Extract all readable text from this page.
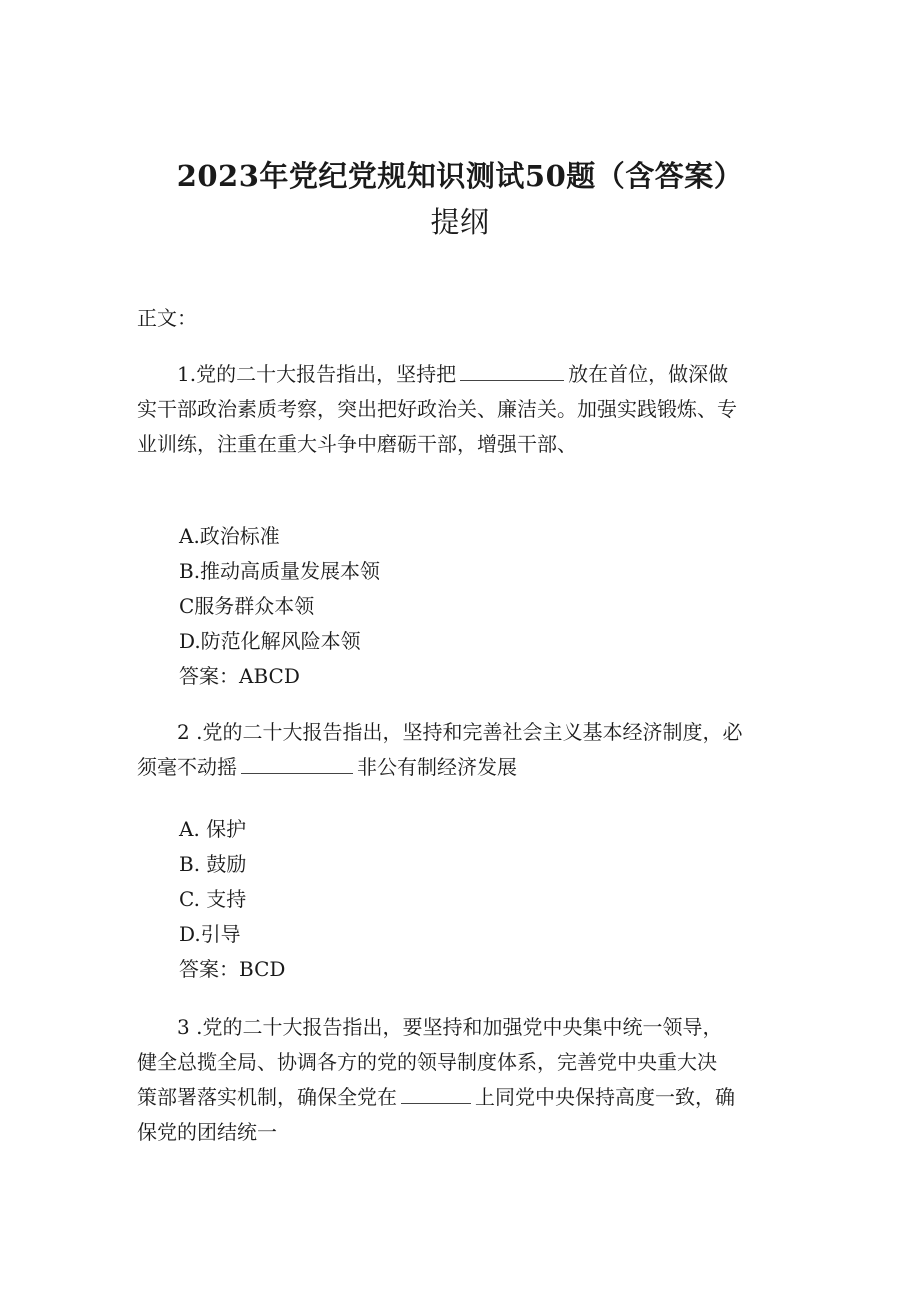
2023年党纪党规知识测试50题（含答案）
提纲
正文：
1.党的二十大报告指出，坚持把	放在首位，做深做
实干部政治素质考察，突出把好政治关、廉洁关。加强实践锻炼、专
业训练，注重在重大斗争中磨砺干部，增强干部、
A.政治标准
B.推动高质量发展本领
C服务群众本领
D.防范化解风险本领
答案：ABCD
2 .党的二十大报告指出，坚持和完善社会主义基本经济制度，必
须毫不动摇	非公有制经济发展
A. 保护
B. 鼓励
C. 支持
D.引导
答案：BCD
3 .党的二十大报告指出，要坚持和加强党中央集中统一领导，
健全总揽全局、协调各方的党的领导制度体系，完善党中央重大决
策部署落实机制，确保全党在	上同党中央保持高度一致，确
保党的团结统一
